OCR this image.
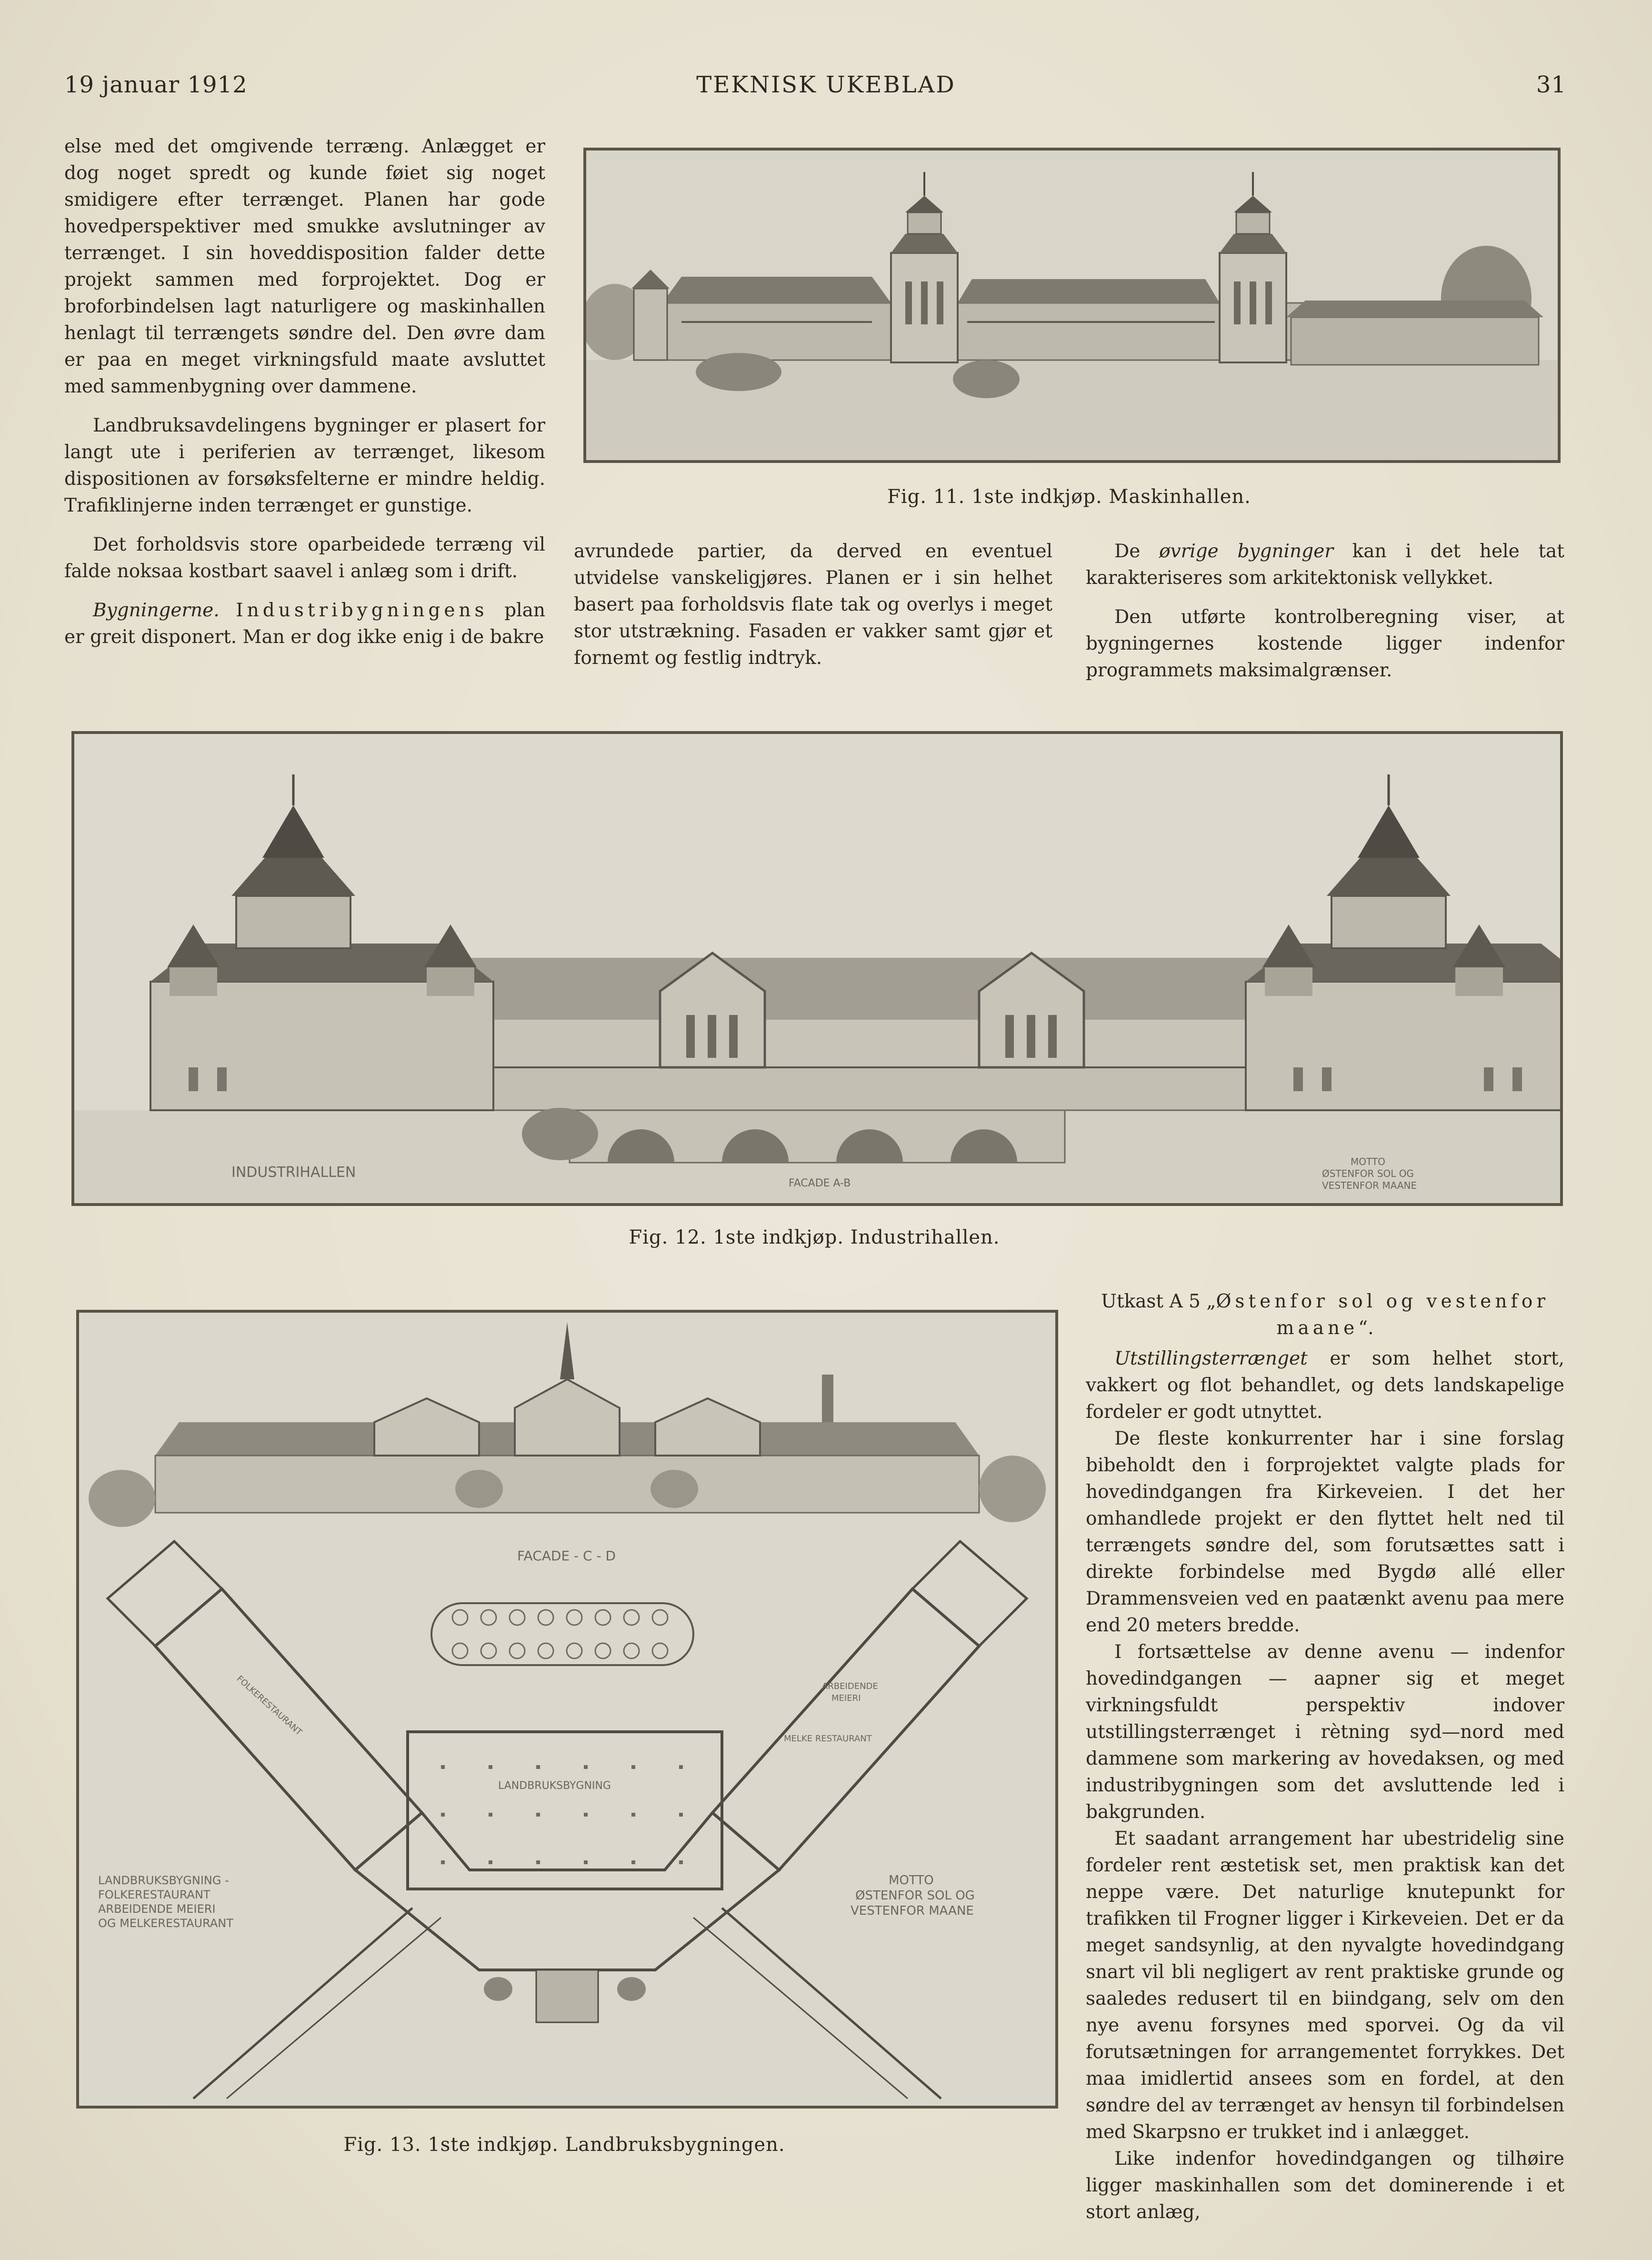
19 januar 1912	TEKNISK UKEBLAD	31

else med det omgivende terræng. Anlægget er dog noget spredt og kunde føiet sig noget smidigere efter terrænget. Planen har gode hovedperspektiver med smukke avslutninger av terrænget. I sin hoveddisposition falder dette projekt sammen med forprojektet. Dog er broforbindelsen lagt naturligere og maskinhallen henlagt til terrængets søndre del. Den øvre dam er paa en meget virkningsfuld maate avsluttet med sammenbygning over dammene.

Landbruksavdelingens bygninger er plasert for langt ute i periferien av terrænget, likesom dispositionen av forsøksfelterne er mindre heldig. Trafiklinjerne inden terrænget er gunstige.

Det forholdsvis store oparbeidede terræng vil falde noksaa kostbart saavel i anlæg som i drift.

Bygningerne. Industribygningens plan er greit disponert. Man er dog ikke enig i de bakre

Fig. 11. 1ste indkjøp. Maskinhallen.

avrundede partier, da derved en eventuel utvidelse vanskeligjøres. Planen er i sin helhet basert paa forholdsvis flate tak og overlys i meget stor utstrækning. Fasaden er vakker samt gjør et fornemt og festlig indtryk.

De øvrige bygninger kan i det hele tat karakteriseres som arkitektonisk vellykket.

Den utførte kontrolberegning viser, at bygningernes kostende ligger indenfor programmets maksimalgrænser.

INDUSTRIHALLEN
FACADE A-B
MOTTO
ØSTENFOR SOL OG
VESTENFOR MAANE
Fig. 12. 1ste indkjøp. Industrihallen.
FACADE - C - D
LANDBRUKSBYGNING
FOLKERESTAURANT	ARBEIDENDE
MEIERI
MELKE RESTAURANT
LANDBRUKSBYGNING -
FOLKERESTAURANT
ARBEIDENDE MEIERI
OG MELKERESTAURANT
MOTTO
ØSTENFOR SOL OG
VESTENFOR MAANE
Fig. 13. 1ste indkjøp. Landbruksbygningen.

Utkast A 5 „Østenfor sol og vestenfor maane“.

Utstillingsterrænget er som helhet stort, vakkert og flot behandlet, og dets landskapelige fordeler er godt utnyttet.

De fleste konkurrenter har i sine forslag bibeholdt den i forprojektet valgte plads for hovedindgangen fra Kirkeveien. I det her omhandlede projekt er den flyttet helt ned til terrængets søndre del, som forutsættes satt i direkte forbindelse med Bygdø allé eller Drammensveien ved en paatænkt avenu paa mere end 20 meters bredde.

I fortsættelse av denne avenu — indenfor hovedindgangen — aapner sig et meget virkningsfuldt perspektiv indover utstillingsterrænget i rètning syd—nord med dammene som markering av hovedaksen, og med industribygningen som det avsluttende led i bakgrunden.

Et saadant arrangement har ubestridelig sine fordeler rent æstetisk set, men praktisk kan det neppe være. Det naturlige knutepunkt for trafikken til Frogner ligger i Kirkeveien. Det er da meget sandsynlig, at den nyvalgte hovedindgang snart vil bli negligert av rent praktiske grunde og saaledes redusert til en biindgang, selv om den nye avenu forsynes med sporvei. Og da vil forutsætningen for arrangementet forrykkes. Det maa imidlertid ansees som en fordel, at den søndre del av terrænget av hensyn til forbindelsen med Skarpsno er trukket ind i anlægget.

Like indenfor hovedindgangen og tilhøire ligger maskinhallen som det dominerende i et stort anlæg,
